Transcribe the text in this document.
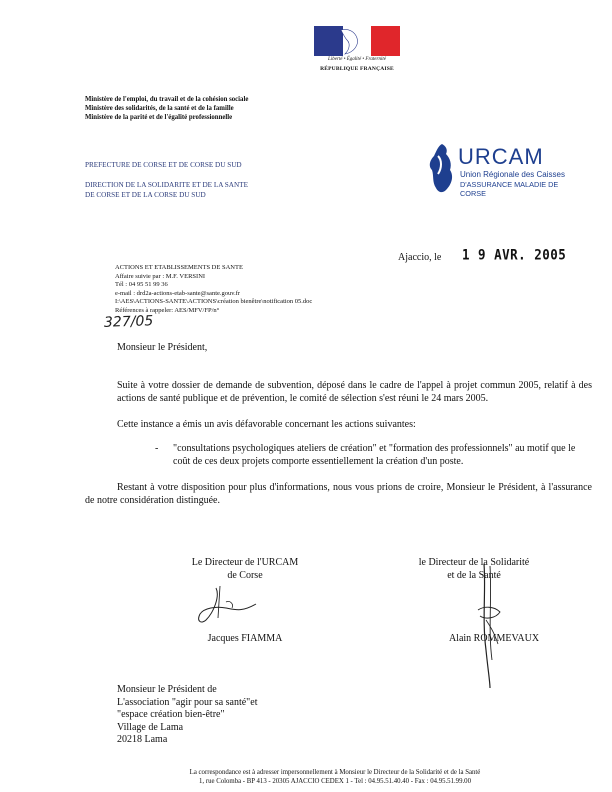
Liberté • Égalité • Fraternité
RÉPUBLIQUE FRANÇAISE
Ministère de l'emploi, du travail et de la cohésion sociale
Ministère des solidarités, de la santé et de la famille
Ministère de la parité et de l'égalité professionnelle
PREFECTURE DE CORSE ET DE CORSE DU SUD
DIRECTION DE LA SOLIDARITE ET DE LA SANTE
DE CORSE ET DE LA CORSE DU SUD
URCAM
Union Régionale des Caisses
D'ASSURANCE MALADIE DE CORSE
Ajaccio, le 1 9 AVR. 2005
ACTIONS ET ETABLISSEMENTS DE SANTE
Affaire suivie par : M.F. VERSINI
Tél : 04 95 51 99 36
e-mail : drd2a-actions-etab-sante@sante.gouv.fr
I:\AES\ACTIONS-SANTE\ACTIONS\création bienêtre\notification 05.doc
Références à rappeler: AES/MFV/FP/n°
327/05
Monsieur le Président,
Suite à votre dossier de demande de subvention, déposé dans le cadre de l'appel à projet commun 2005, relatif à des actions de santé publique et de prévention, le comité de sélection s'est réuni le 24 mars 2005.
Cette instance a émis un avis défavorable concernant les actions suivantes:
-	"consultations psychologiques ateliers de création" et "formation des professionnels" au motif que le coût de ces deux projets comporte essentiellement la création d'un poste.
Restant à votre disposition pour plus d'informations, nous vous prions de croire, Monsieur le Président, à l'assurance de notre considération distinguée.
Le Directeur de l'URCAM
de Corse
Jacques FIAMMA
le Directeur de la Solidarité
et de la Santé
Alain ROMMEVAUX
Monsieur le Président de
L'association "agir pour sa santé"et
"espace création bien-être"
Village de Lama
20218 Lama
La correspondance est à adresser impersonnellement à Monsieur le Directeur de la Solidarité et de la Santé
1, rue Colomba - BP 413 - 20305 AJACCIO CEDEX 1 - Tel : 04.95.51.40.40 - Fax : 04.95.51.99.00
